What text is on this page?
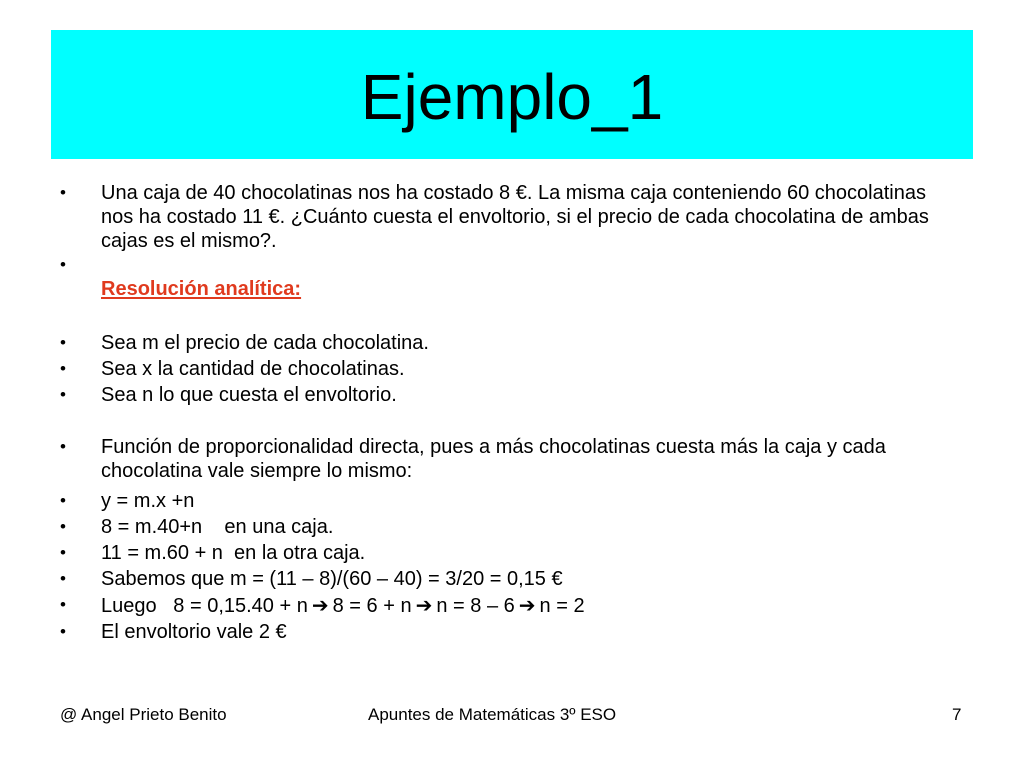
Ejemplo_1
•	Una caja de 40 chocolatinas nos ha costado 8 €. La misma caja conteniendo 60 chocolatinas nos ha costado 11 €. ¿Cuánto cuesta el envoltorio, si el precio de cada chocolatina de ambas cajas es el mismo?.
•

Resolución analítica:
•	Sea m el precio de cada chocolatina.
•	Sea x la cantidad de chocolatinas.
•	Sea n lo que cuesta el envoltorio.
•	Función de proporcionalidad directa, pues a más chocolatinas cuesta más la caja y cada chocolatina vale siempre lo mismo:
•	y = m.x +n
•	8 = m.40+n    en una caja.
•	11 = m.60 + n  en la otra caja.
•	Sabemos que m = (11 – 8)/(60 – 40) = 3/20 = 0,15 €
•	Luego   8 = 0,15.40 + n ➔ 8 = 6 + n ➔ n = 8 – 6 ➔ n = 2
•	El envoltorio vale 2 €
@ Angel Prieto Benito	Apuntes de Matemáticas 3º ESO	7
